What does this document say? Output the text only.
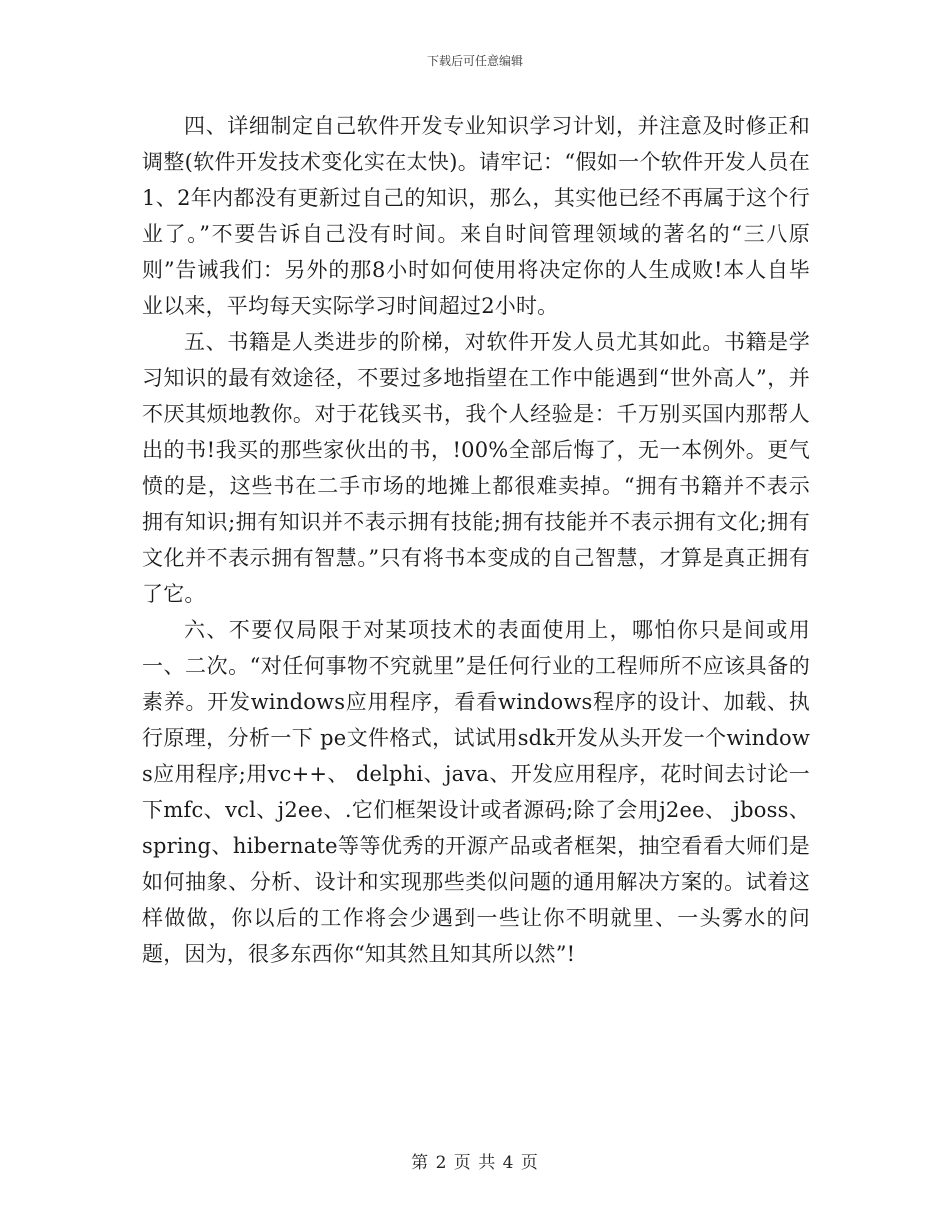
下载后可任意编辑

四、详细制定自己软件开发专业知识学习计划，并注意及时修正和调整(软件开发技术变化实在太快)。请牢记：“假如一个软件开发人员在1、2年内都没有更新过自己的知识，那么，其实他已经不再属于这个行业了。”不要告诉自己没有时间。来自时间管理领域的著名的“三八原则”告诫我们：另外的那8小时如何使用将决定你的人生成败!本人自毕业以来，平均每天实际学习时间超过2小时。

五、书籍是人类进步的阶梯，对软件开发人员尤其如此。书籍是学习知识的最有效途径，不要过多地指望在工作中能遇到“世外高人”，并不厌其烦地教你。对于花钱买书，我个人经验是：千万别买国内那帮人出的书!我买的那些家伙出的书，!00%全部后悔了，无一本例外。更气愤的是，这些书在二手市场的地摊上都很难卖掉。“拥有书籍并不表示拥有知识;拥有知识并不表示拥有技能;拥有技能并不表示拥有文化;拥有文化并不表示拥有智慧。”只有将书本变成的自己智慧，才算是真正拥有了它。

六、不要仅局限于对某项技术的表面使用上，哪怕你只是间或用一、二次。“对任何事物不究就里”是任何行业的工程师所不应该具备的素养。开发windows应用程序，看看windows程序的设计、加载、执行原理，分析一下 pe文件格式，试试用sdk开发从头开发一个windows应用程序;用vc++、 delphi、java、开发应用程序，花时间去讨论一下mfc、vcl、j2ee、.它们框架设计或者源码;除了会用j2ee、 jboss、spring、hibernate等等优秀的开源产品或者框架，抽空看看大师们是如何抽象、分析、设计和实现那些类似问题的通用解决方案的。试着这样做做，你以后的工作将会少遇到一些让你不明就里、一头雾水的问题，因为，很多东西你“知其然且知其所以然”!

第 2 页 共 4 页
